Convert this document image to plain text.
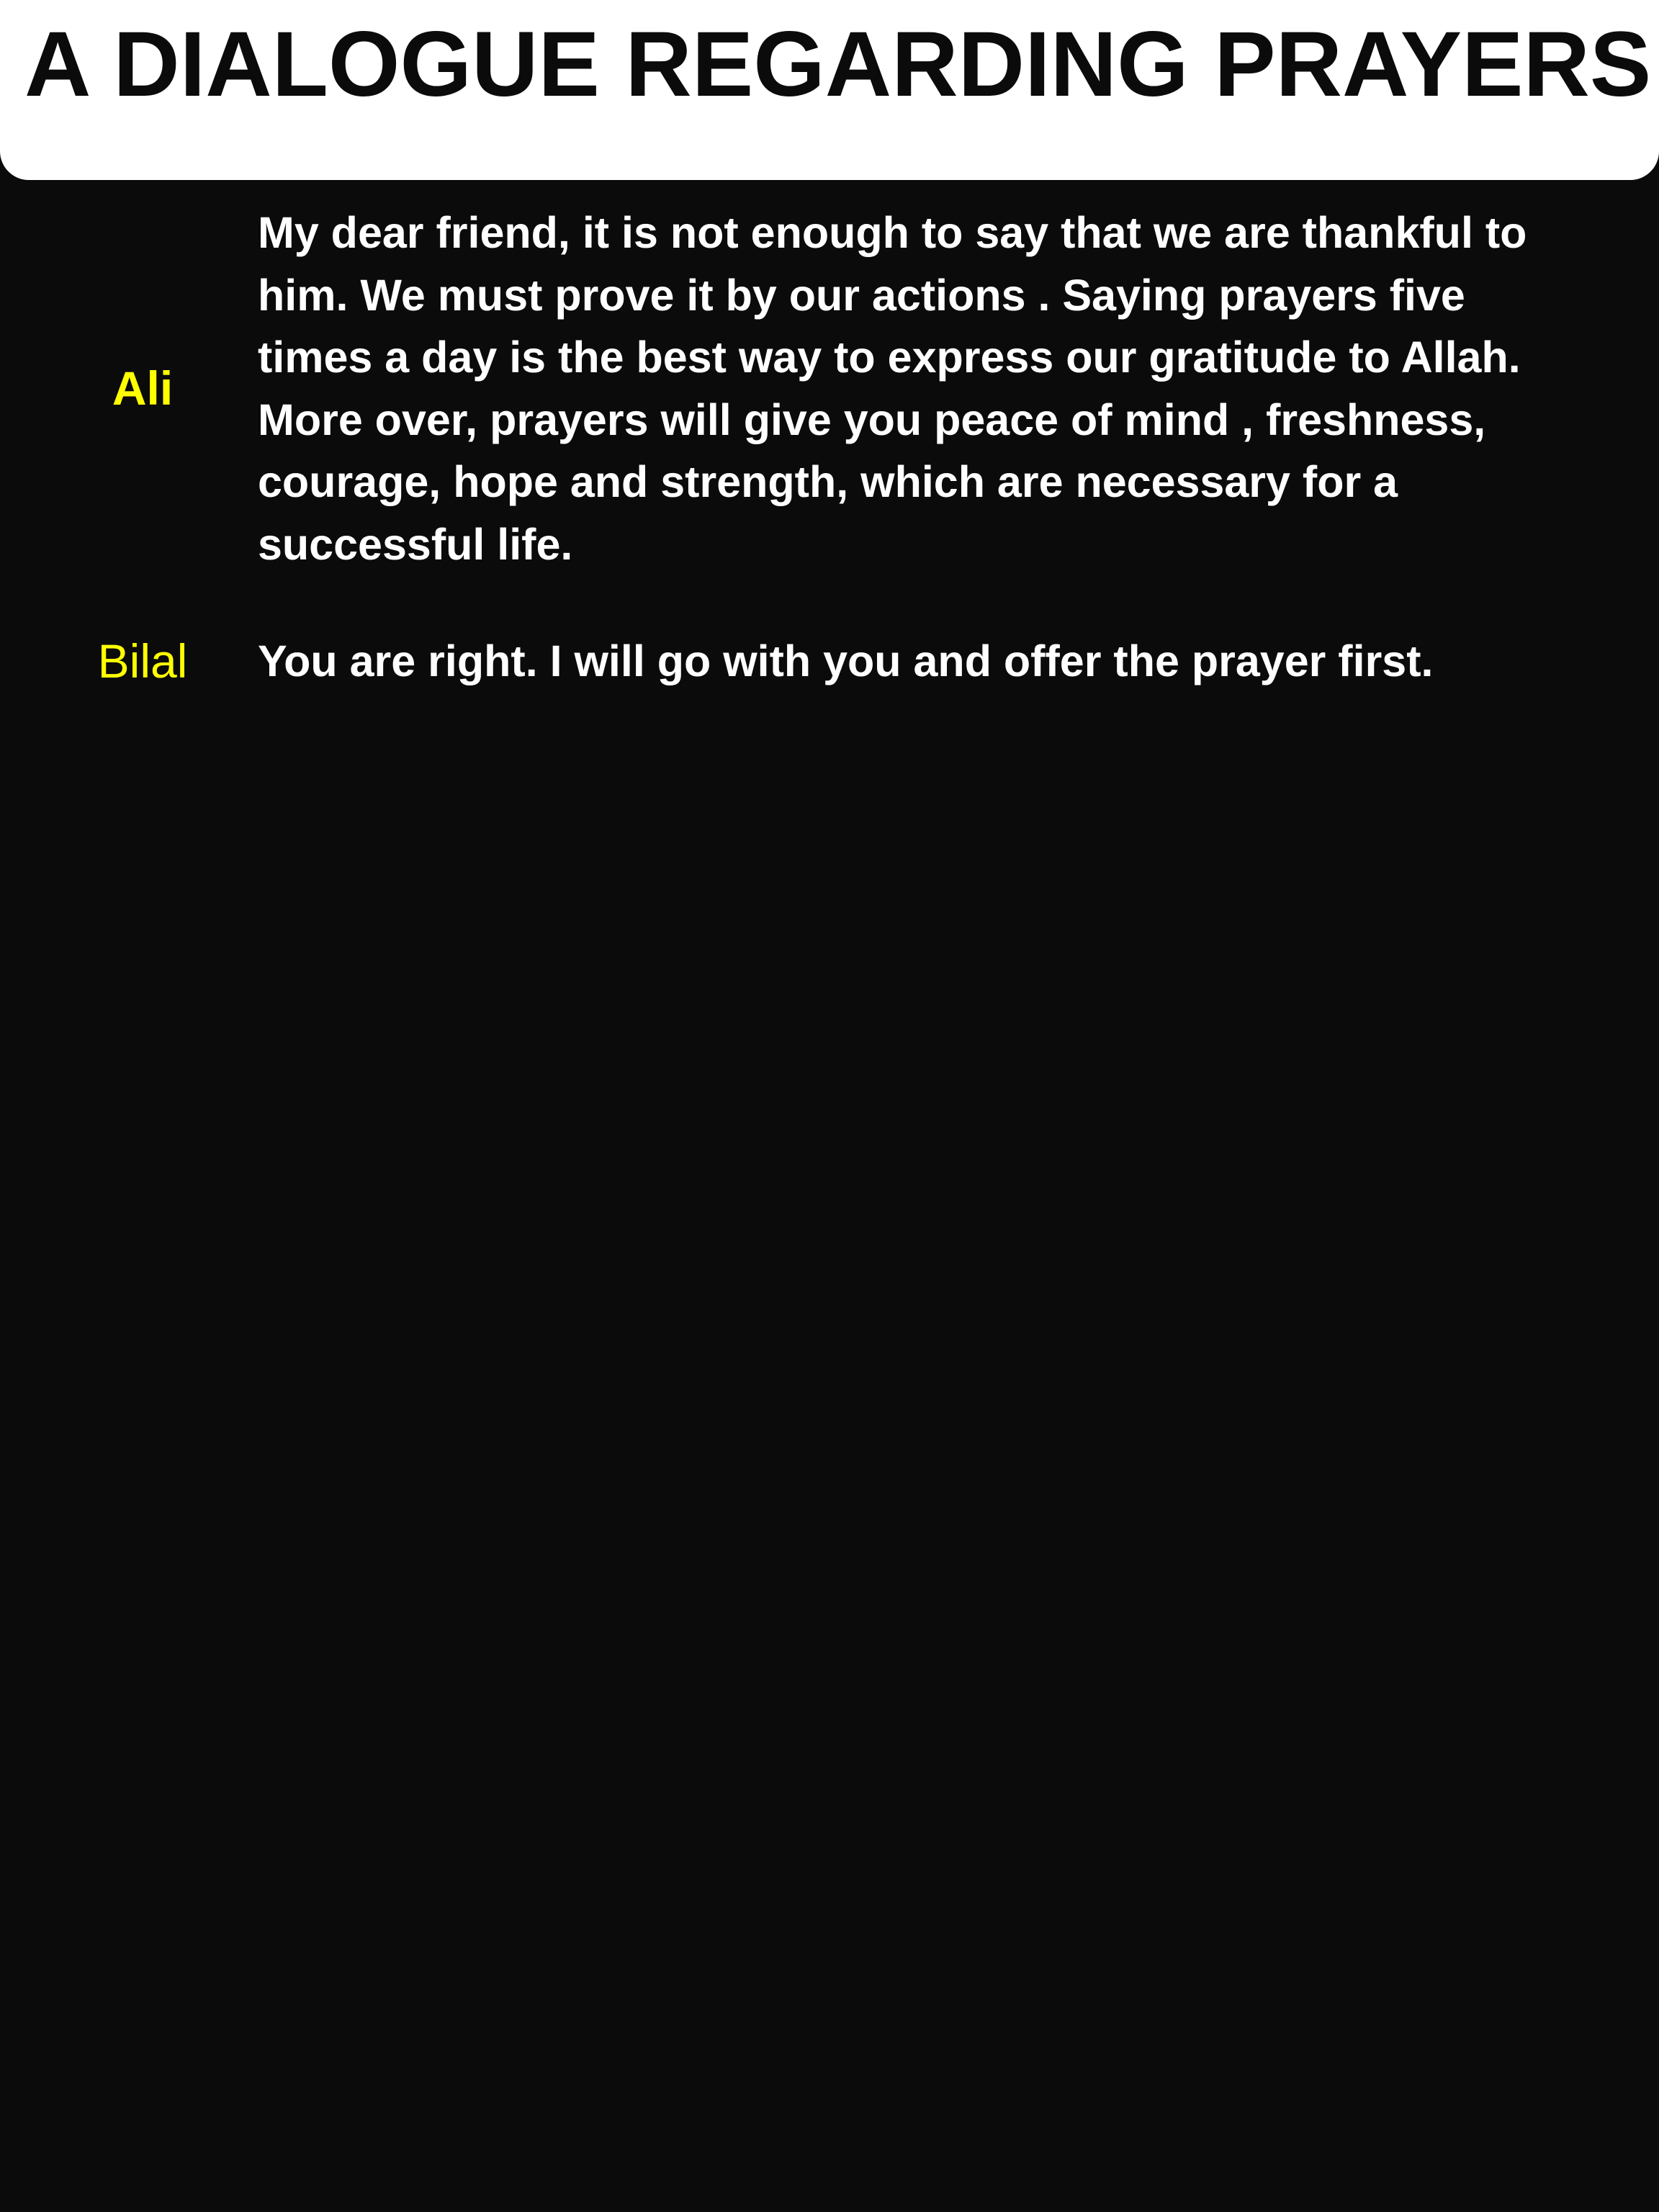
A DIALOGUE REGARDING PRAYERS
Ali
My dear friend, it is not enough to say that we are thankful to
him. We must prove it by our actions . Saying prayers five
times a day is the best way to express our gratitude to Allah.
More over, prayers will give you peace of mind , freshness,
courage, hope and strength, which are necessary for a
successful life.
Bilal	You are right. I will go with you and offer the prayer first.
